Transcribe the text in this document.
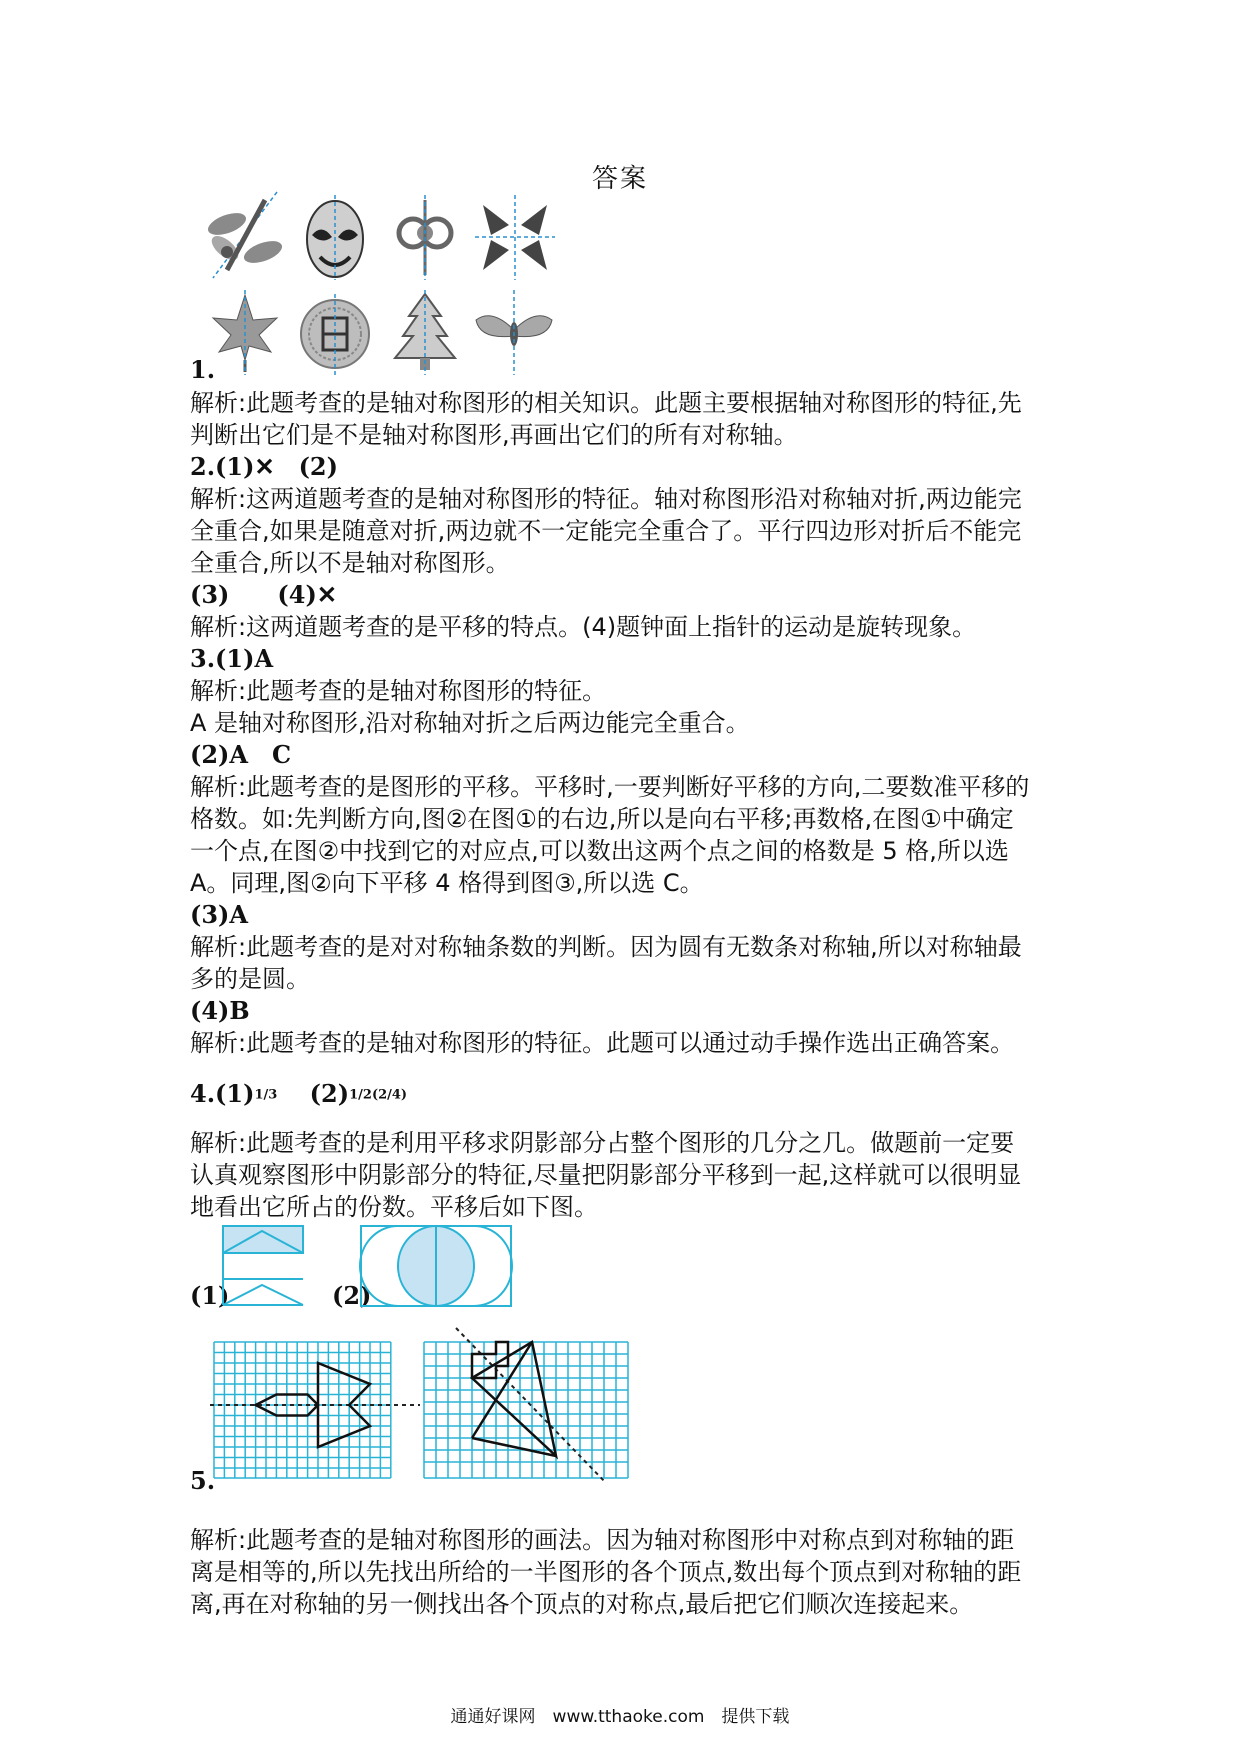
答案
1.
解析:此题考查的是轴对称图形的相关知识。此题主要根据轴对称图形的特征,先
判断出它们是不是轴对称图形,再画出它们的所有对称轴。
2.(1)✕　(2)
解析:这两道题考查的是轴对称图形的特征。轴对称图形沿对称轴对折,两边能完
全重合,如果是随意对折,两边就不一定能完全重合了。平行四边形对折后不能完
全重合,所以不是轴对称图形。
(3)　　(4)✕
解析:这两道题考查的是平移的特点。(4)题钟面上指针的运动是旋转现象。
3.(1)A
解析:此题考查的是轴对称图形的特征。
A 是轴对称图形,沿对称轴对折之后两边能完全重合。
(2)A　C
解析:此题考查的是图形的平移。平移时,一要判断好平移的方向,二要数准平移的
格数。如:先判断方向,图②在图①的右边,所以是向右平移;再数格,在图①中确定
一个点,在图②中找到它的对应点,可以数出这两个点之间的格数是 5 格,所以选
A。同理,图②向下平移 4 格得到图③,所以选 C。
(3)A
解析:此题考查的是对对称轴条数的判断。因为圆有无数条对称轴,所以对称轴最
多的是圆。
(4)B
解析:此题考查的是轴对称图形的特征。此题可以通过动手操作选出正确答案。
4.(1)1/3　 (2)1/2(2/4)
解析:此题考查的是利用平移求阴影部分占整个图形的几分之几。做题前一定要
认真观察图形中阴影部分的特征,尽量把阴影部分平移到一起,这样就可以很明显
地看出它所占的份数。平移后如下图。
(1)	(2)
5.
解析:此题考查的是轴对称图形的画法。因为轴对称图形中对称点到对称轴的距
离是相等的,所以先找出所给的一半图形的各个顶点,数出每个顶点到对称轴的距
离,再在对称轴的另一侧找出各个顶点的对称点,最后把它们顺次连接起来。
通通好课网　www.tthaoke.com　提供下载
